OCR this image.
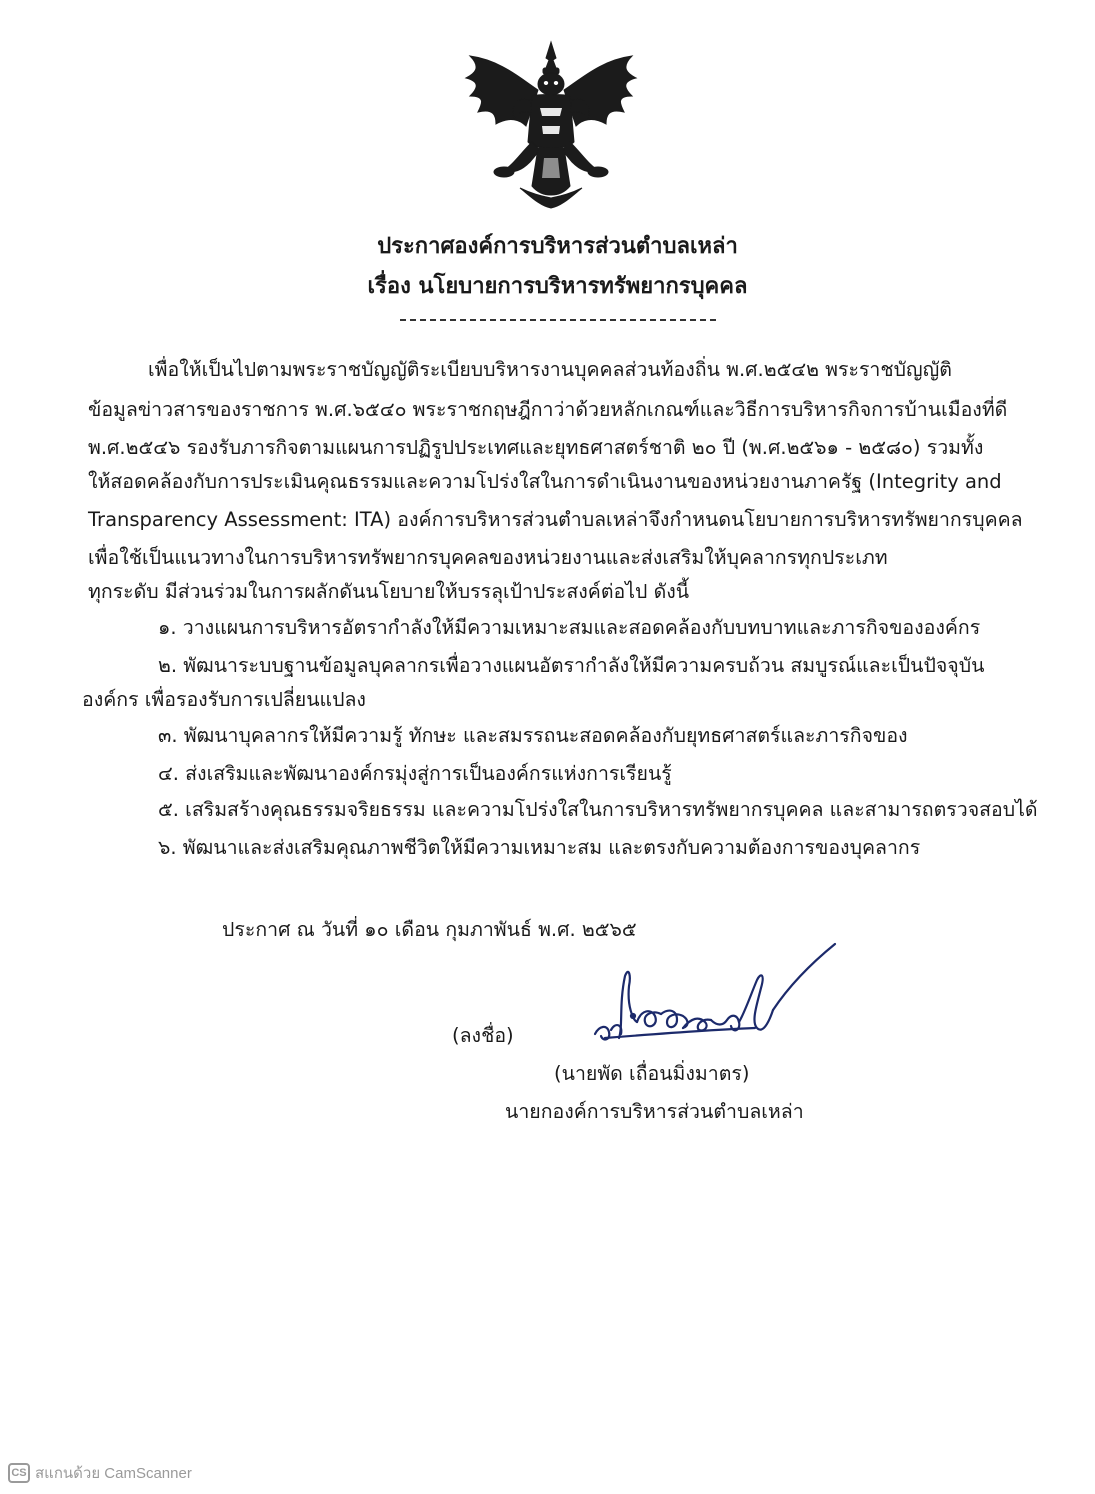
ประกาศองค์การบริหารส่วนตำบลเหล่า
เรื่อง นโยบายการบริหารทรัพยากรบุคคล
เพื่อให้เป็นไปตามพระราชบัญญัติระเบียบบริหารงานบุคคลส่วนท้องถิ่น พ.ศ.๒๕๔๒ พระราชบัญญัติ
ข้อมูลข่าวสารของราชการ พ.ศ.๖๕๔๐ พระราชกฤษฎีกาว่าด้วยหลักเกณฑ์และวิธีการบริหารกิจการบ้านเมืองที่ดี
พ.ศ.๒๕๔๖ รองรับภารกิจตามแผนการปฏิรูปประเทศและยุทธศาสตร์ชาติ ๒๐ ปี (พ.ศ.๒๕๖๑ - ๒๕๘๐) รวมทั้ง
ให้สอดคล้องกับการประเมินคุณธรรมและความโปร่งใสในการดำเนินงานของหน่วยงานภาครัฐ (Integrity and
Transparency Assessment: ITA) องค์การบริหารส่วนตำบลเหล่าจึงกำหนดนโยบายการบริหารทรัพยากรบุคคล
เพื่อใช้เป็นแนวทางในการบริหารทรัพยากรบุคคลของหน่วยงานและส่งเสริมให้บุคลากรทุกประเภท
ทุกระดับ มีส่วนร่วมในการผลักดันนโยบายให้บรรลุเป้าประสงค์ต่อไป ดังนี้
๑. วางแผนการบริหารอัตรากำลังให้มีความเหมาะสมและสอดคล้องกับบทบาทและภารกิจขององค์กร
๒. พัฒนาระบบฐานข้อมูลบุคลากรเพื่อวางแผนอัตรากำลังให้มีความครบถ้วน สมบูรณ์และเป็นปัจจุบัน
องค์กร เพื่อรองรับการเปลี่ยนแปลง
๓. พัฒนาบุคลากรให้มีความรู้ ทักษะ และสมรรถนะสอดคล้องกับยุทธศาสตร์และภารกิจของ
๔. ส่งเสริมและพัฒนาองค์กรมุ่งสู่การเป็นองค์กรแห่งการเรียนรู้
๕. เสริมสร้างคุณธรรมจริยธรรม และความโปร่งใสในการบริหารทรัพยากรบุคคล และสามารถตรวจสอบได้
๖. พัฒนาและส่งเสริมคุณภาพชีวิตให้มีความเหมาะสม และตรงกับความต้องการของบุคลากร
ประกาศ ณ วันที่ ๑๐ เดือน กุมภาพันธ์ พ.ศ. ๒๕๖๕
(ลงชื่อ)
(นายพัด เถื่อนมิ่งมาตร)
นายกองค์การบริหารส่วนตำบลเหล่า
CS สแกนด้วย CamScanner
